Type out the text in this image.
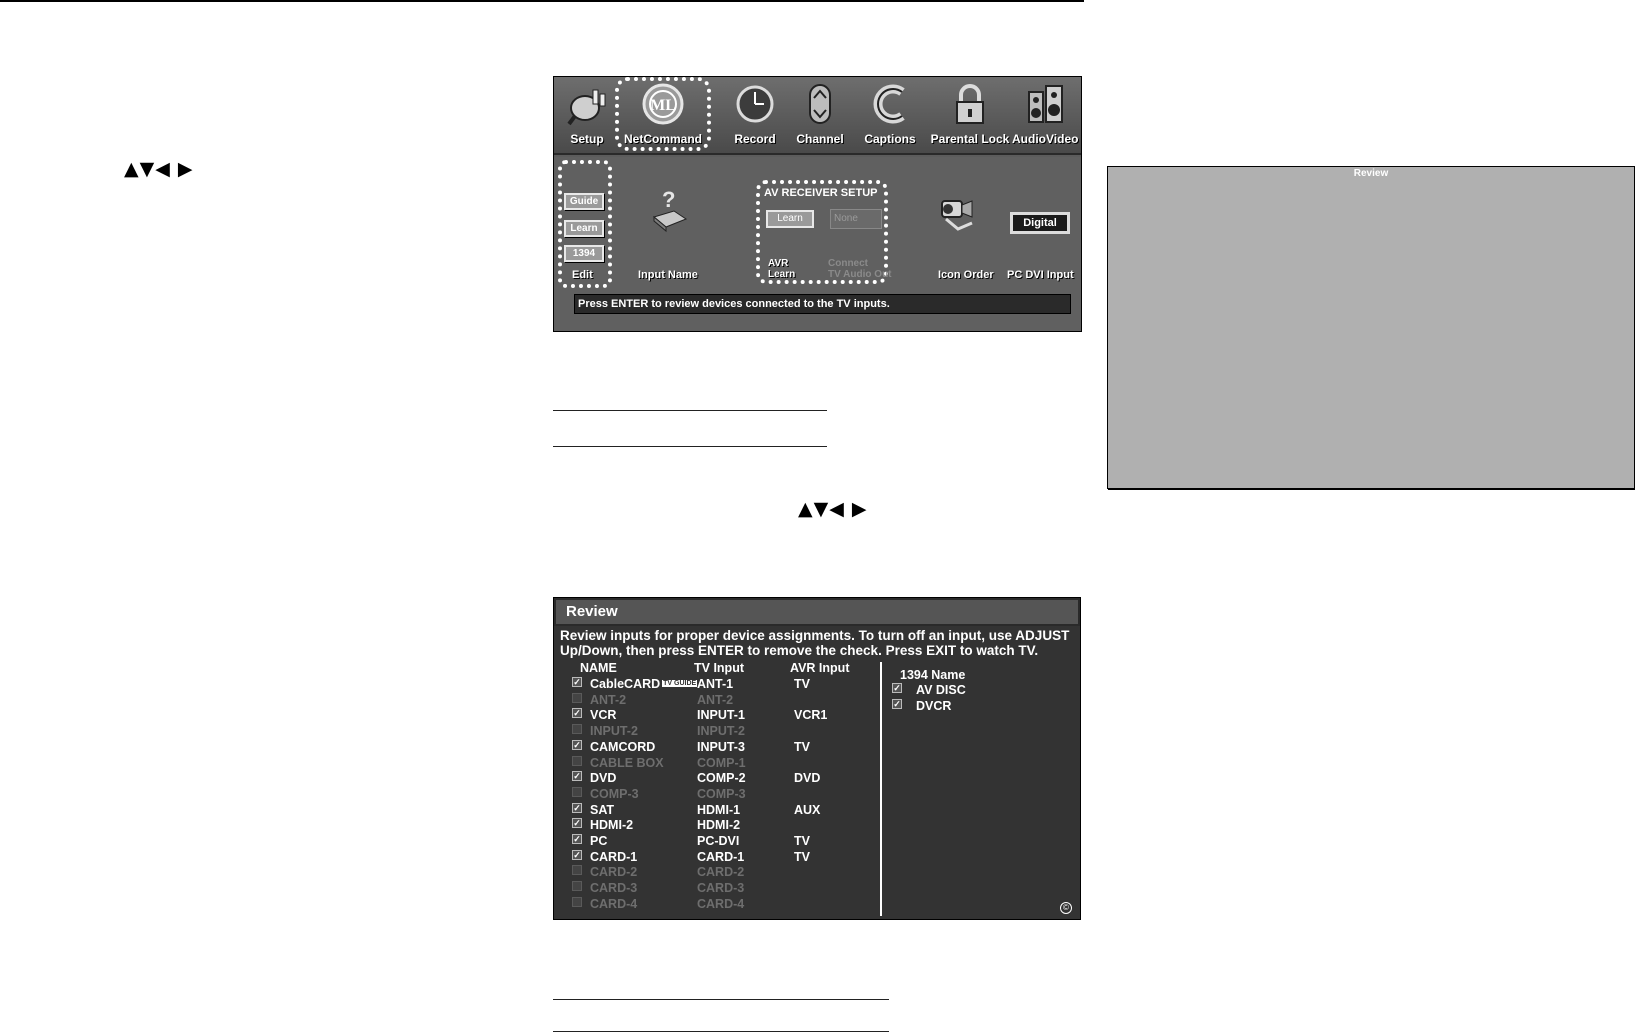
▲▼◀ ▶
▲▼◀ ▶
Setup
ML
NetCommand	Record	Channel	Captions Parental Lock AudioVideo
Review
Guide
Learn
1394
Edit
?
Input Name
AV RECEIVER SETUP
Learn	None
AVR
Learn
Connect
TV Audio Out	Icon Order
Digital
PC DVI Input
Press ENTER to review devices connected to the TV inputs.
Review
Review inputs for proper device assignments. To turn off an input, use ADJUST
Up/Down, then press ENTER to remove the check. Press EXIT to watch TV.
NAME	TV Input	AVR Input	1394 Name
✓ CableCARD TV GUIDE ANT-1	TV
ANT-2	ANT-2
✓ VCR	INPUT-1	VCR1
INPUT-2	INPUT-2
✓ CAMCORD	INPUT-3	TV
CABLE BOX	COMP-1
✓ DVD	COMP-2	DVD
COMP-3	COMP-3
✓ SAT	HDMI-1	AUX
✓ HDMI-2	HDMI-2
✓ PC	PC-DVI	TV
✓ CARD-1	CARD-1	TV
CARD-2	CARD-2
CARD-3	CARD-3
CARD-4	CARD-4
✓ AV DISC
✓ DVCR
©
